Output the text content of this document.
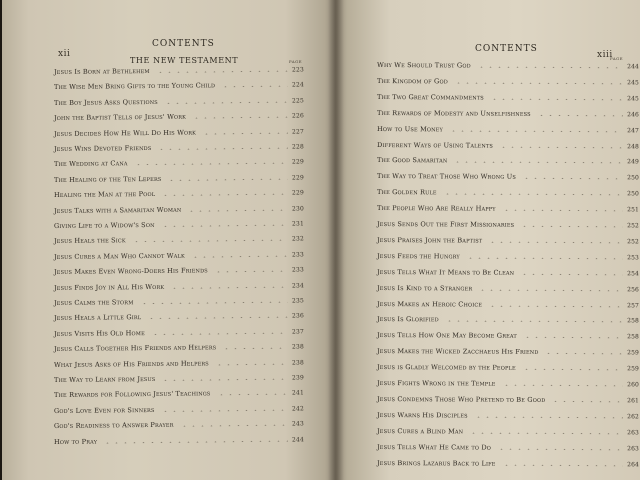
xii
CONTENTS
THE NEW TESTAMENT	PAGE
Jesus Is Born at Bethlehem	223
The Wise Men Bring Gifts to the Young Child	224
The Boy Jesus Asks Questions	225
John the Baptist Tells of Jesus' Work	226
Jesus Decides How He Will Do His Work	227
Jesus Wins Devoted Friends	228
The Wedding at Cana	229
The Healing of the Ten Lepers	229
Healing the Man at the Pool	229
Jesus Talks with a Samaritan Woman	230
Giving Life to a Widow's Son	231
Jesus Heals the Sick	232
Jesus Cures a Man Who Cannot Walk	233
Jesus Makes Even Wrong-Doers His Friends	233
Jesus Finds Joy in All His Work	234
Jesus Calms the Storm	235
Jesus Heals a Little Girl	236
Jesus Visits His Old Home	237
Jesus Calls Together His Friends and Helpers	238
What Jesus Asks of His Friends and Helpers	238
The Way to Learn from Jesus	239
The Rewards for Following Jesus' Teachings	241
God's Love Even for Sinners	242
God's Readiness to Answer Prayer	243
How to Pray	244
CONTENTS
xiii
PAGE
Why We Should Trust God	244
The Kingdom of God	245
The Two Great Commandments	245
The Rewards of Modesty and Unselfishness	246
How to Use Money	247
Different Ways of Using Talents	248
The Good Samaritan	249
The Way to Treat Those Who Wrong Us	250
The Golden Rule	250
The People Who Are Really Happy	251
Jesus Sends Out the First Missionaries	252
Jesus Praises John the Baptist	252
Jesus Feeds the Hungry	253
Jesus Tells What It Means to Be Clean	254
Jesus Is Kind to a Stranger	256
Jesus Makes an Heroic Choice	257
Jesus Is Glorified	258
Jesus Tells How One May Become Great	258
Jesus Makes the Wicked Zacchaeus His Friend	259
Jesus is Gladly Welcomed by the People	259
Jesus Fights Wrong in the Temple	260
Jesus Condemns Those Who Pretend to Be Good	261
Jesus Warns His Disciples	262
Jesus Cures a Blind Man	263
Jesus Tells What He Came to Do	263
Jesus Brings Lazarus Back to Life	264
